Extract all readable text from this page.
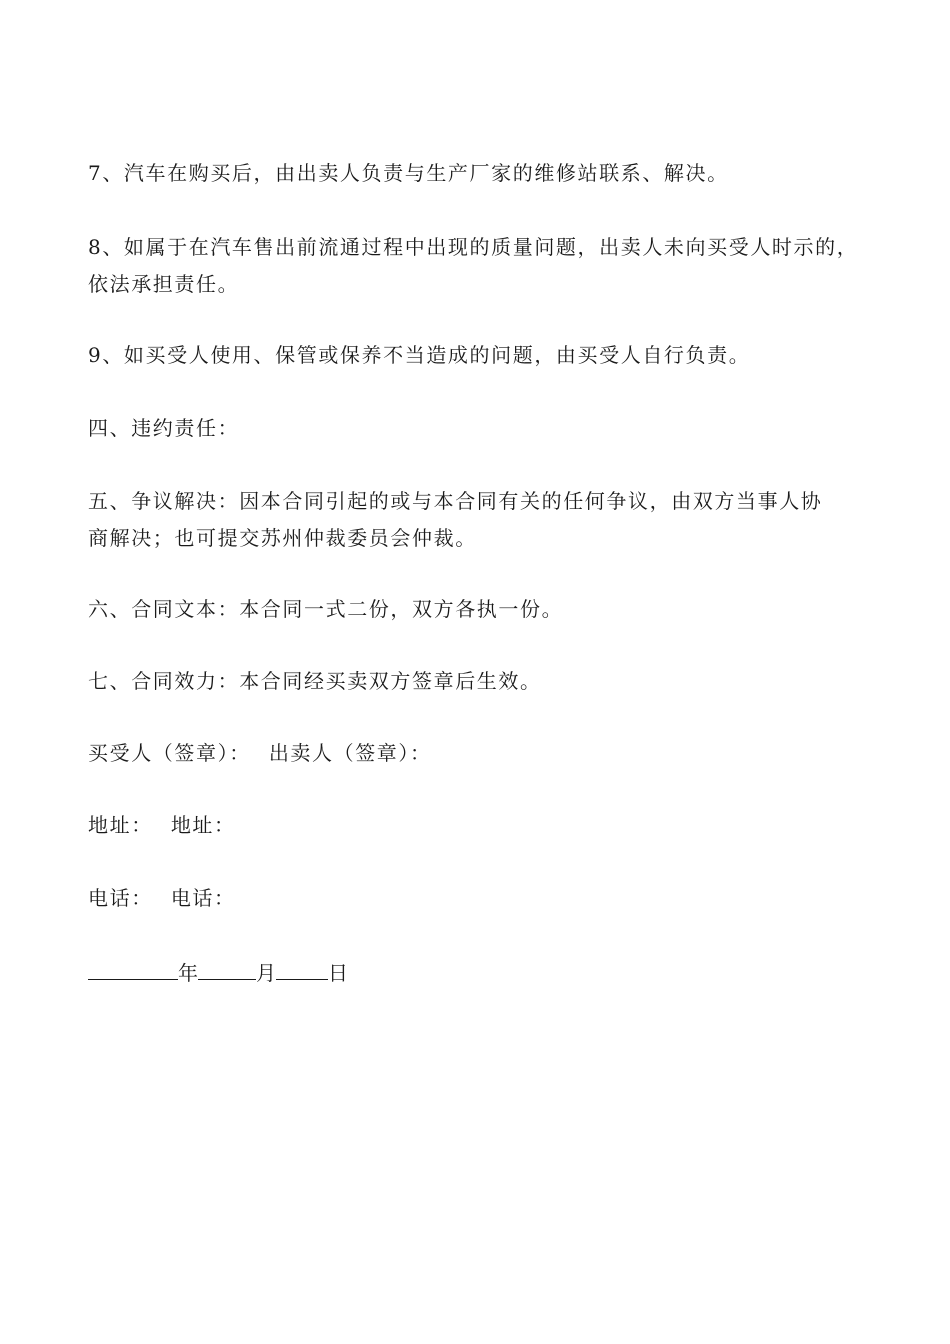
7、汽车在购买后，由出卖人负责与生产厂家的维修站联系、解决。

8、如属于在汽车售出前流通过程中出现的质量问题，出卖人未向买受人时示的，
依法承担责任。

9、如买受人使用、保管或保养不当造成的问题，由买受人自行负责。

四、违约责任：

五、争议解决：因本合同引起的或与本合同有关的任何争议，由双方当事人协
商解决；也可提交苏州仲裁委员会仲裁。

六、合同文本：本合同一式二份，双方各执一份。

七、合同效力：本合同经买卖双方签章后生效。

买受人（签章）： 出卖人（签章）：
地址： 地址：
电话： 电话：
年	月	日
